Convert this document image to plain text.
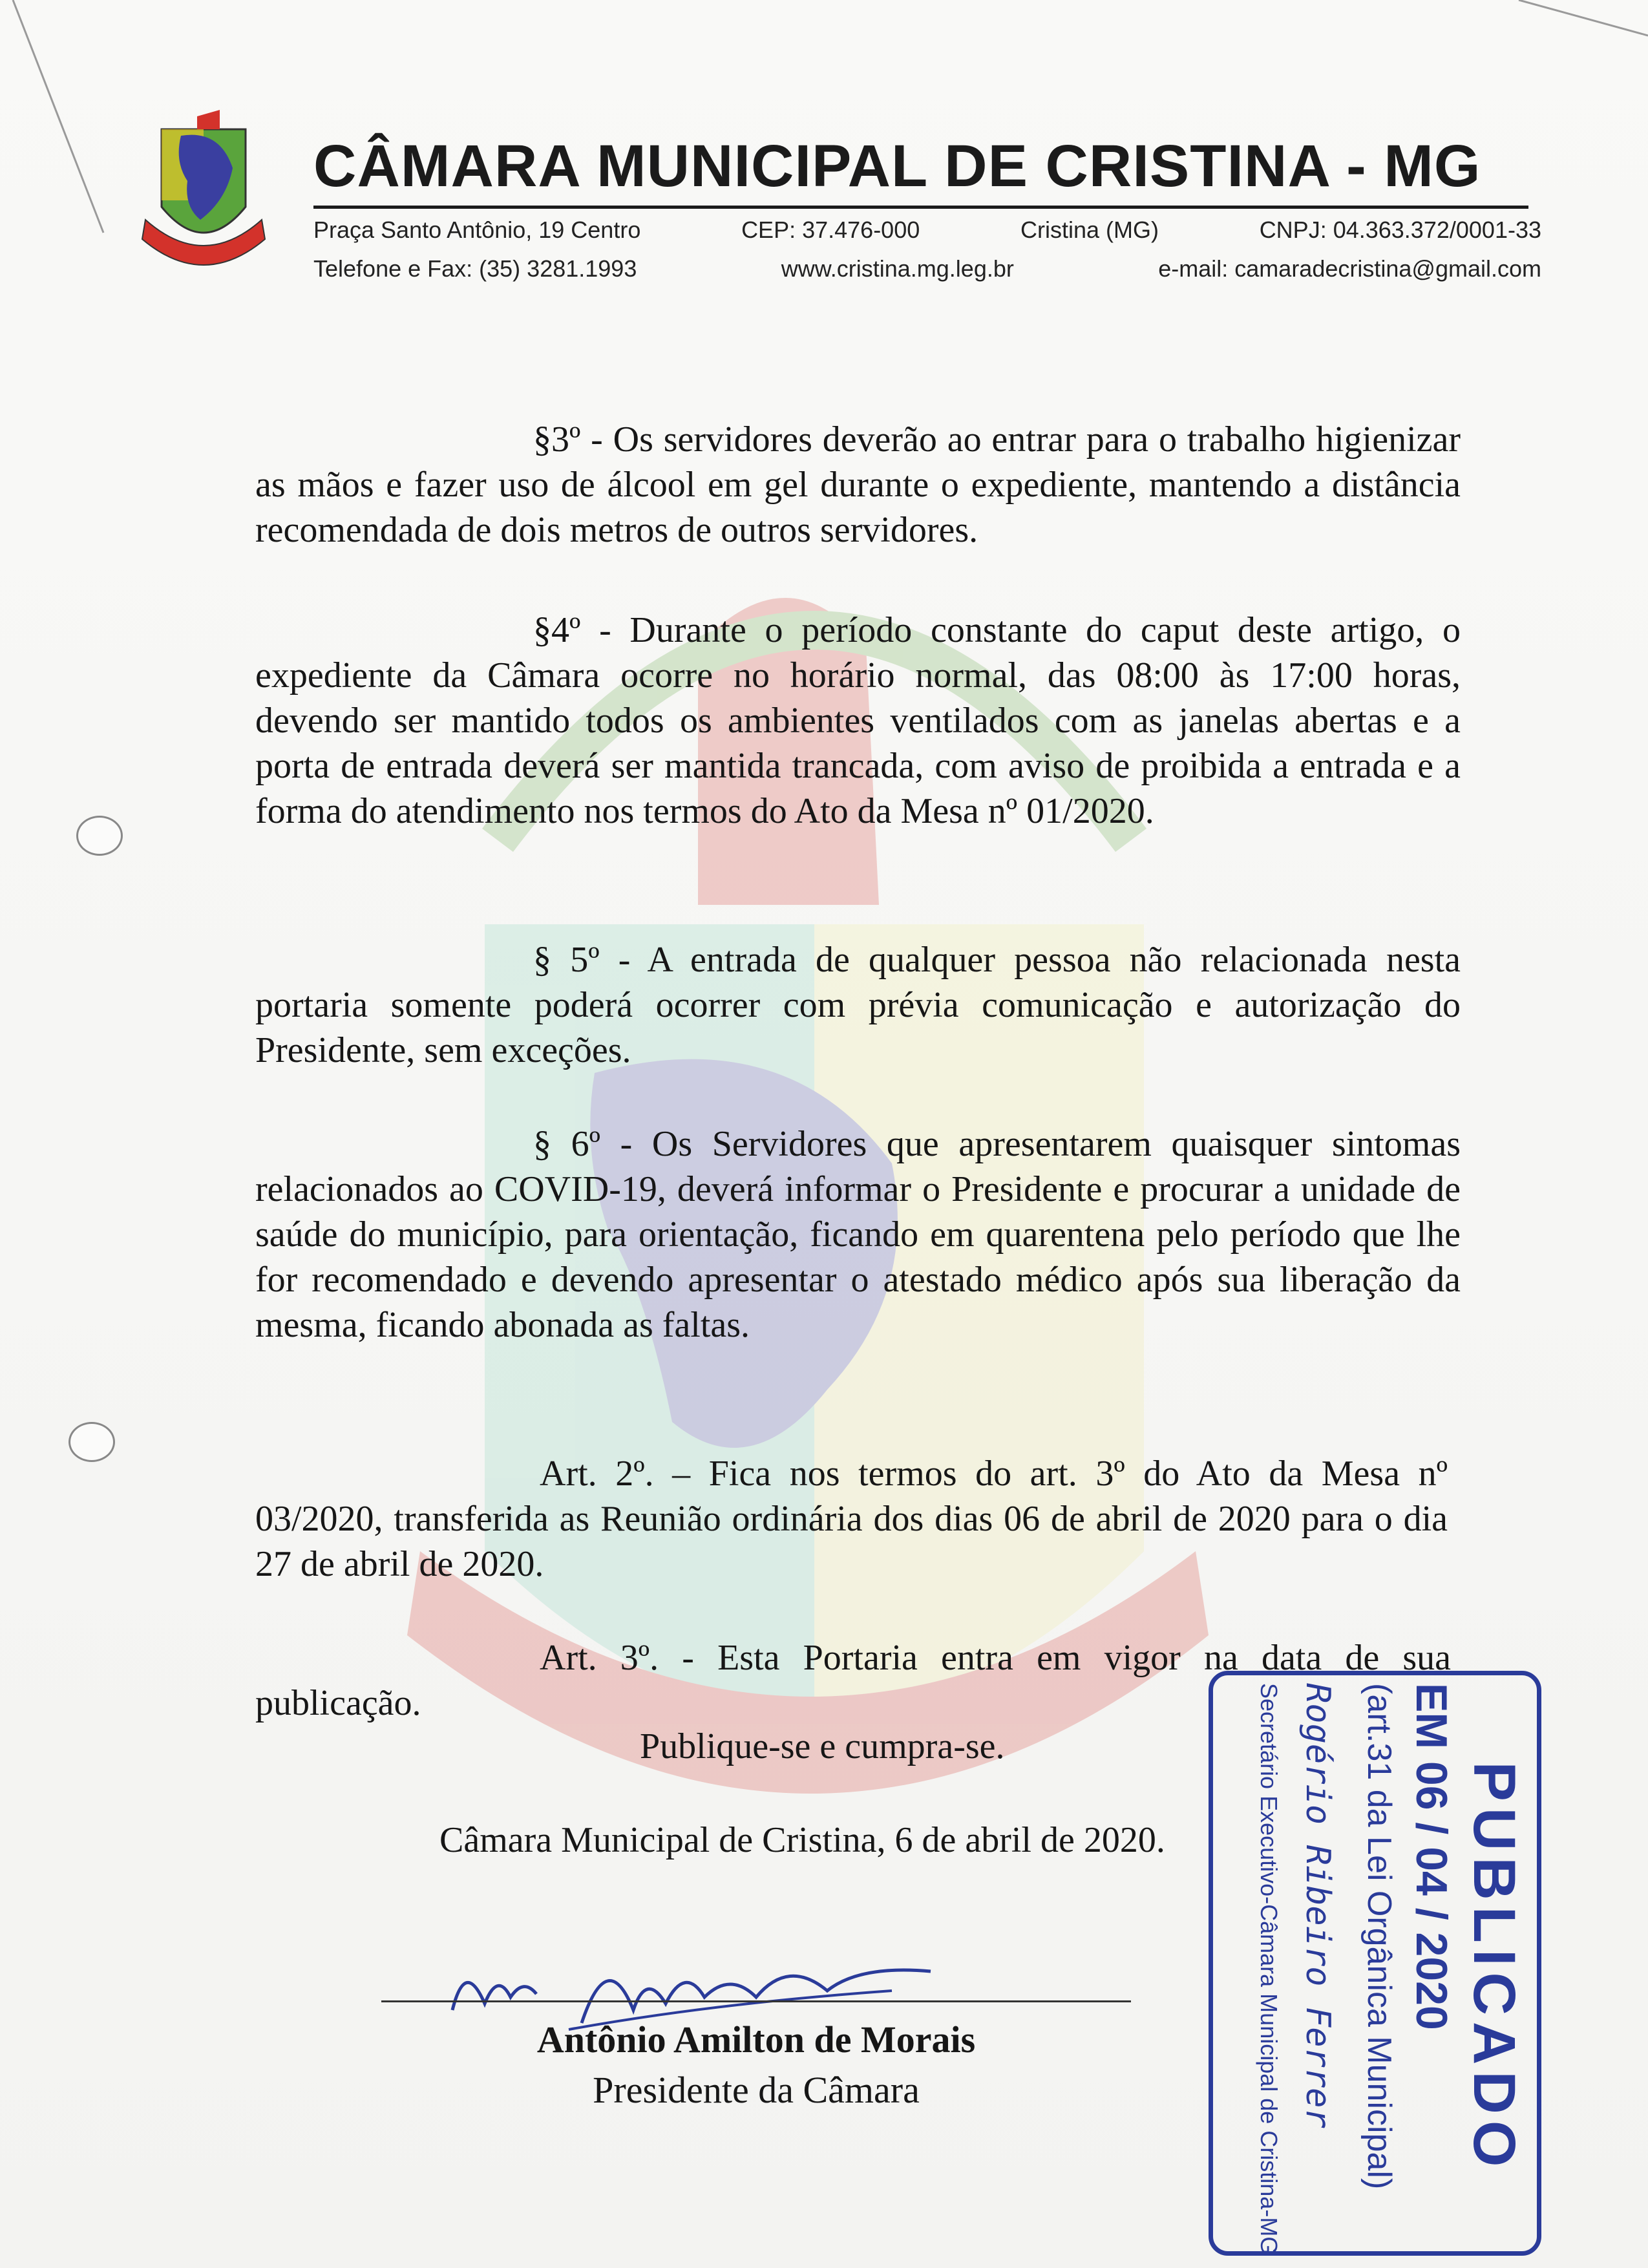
CÂMARA MUNICIPAL DE CRISTINA - MG
Praça Santo Antônio, 19 Centro	CEP: 37.476-000	Cristina (MG)	CNPJ: 04.363.372/0001-33
Telefone e Fax: (35) 3281.1993	www.cristina.mg.leg.br	e-mail: camaradecristina@gmail.com
§3º - Os servidores deverão ao entrar para o trabalho higienizar as mãos e fazer uso de álcool em gel durante o expediente, mantendo a distância recomendada de dois metros de outros servidores.
§4º - Durante o período constante do caput deste artigo, o expediente da Câmara ocorre no horário normal, das 08:00 às 17:00 horas, devendo ser mantido todos os ambientes ventilados com as janelas abertas e a porta de entrada deverá ser mantida trancada, com aviso de proibida a entrada e a forma do atendimento nos termos do Ato da Mesa nº 01/2020.
§ 5º - A entrada de qualquer pessoa não relacionada nesta portaria somente poderá ocorrer com prévia comunicação e autorização do Presidente, sem exceções.
§ 6º - Os Servidores que apresentarem quaisquer sintomas relacionados ao COVID-19, deverá informar o Presidente e procurar a unidade de saúde do município, para orientação, ficando em quarentena pelo período que lhe for recomendado e devendo apresentar o atestado médico após sua liberação da mesma, ficando abonada as faltas.
Art. 2º. – Fica nos termos do art. 3º do Ato da Mesa nº 03/2020, transferida as Reunião ordinária dos dias 06 de abril de 2020 para o dia 27 de abril de 2020.
Art. 3º. - Esta Portaria entra em vigor na data de sua publicação.
Publique-se e cumpra-se.
Câmara Municipal de Cristina, 6 de abril de 2020.
Antônio Amilton de Morais
Presidente da Câmara	PUBLICADO
EM 06 / 04 / 2020
(art.31 da Lei Orgânica Municipal)
Rogério Ribeiro Ferrer
Secretário Executivo-Câmara Municipal de Cristina-MG
